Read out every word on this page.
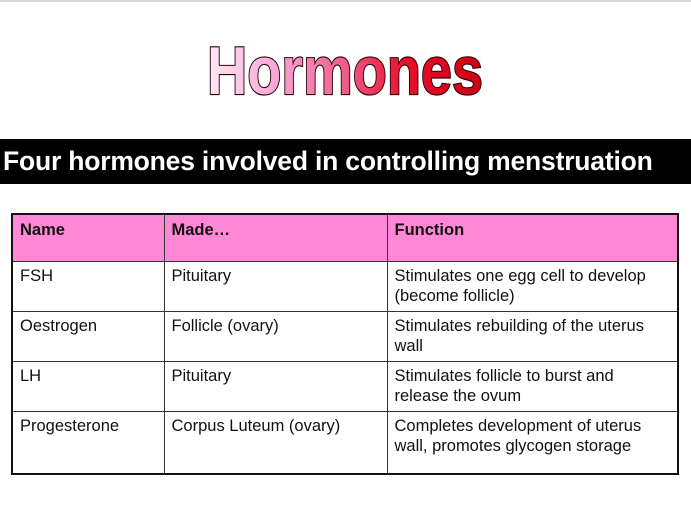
Hormones
Four hormones involved in controlling menstruation
Name	Made…	Function
FSH	Pituitary	Stimulates one egg cell to develop (become follicle)
Oestrogen	Follicle (ovary)	Stimulates rebuilding of the uterus wall
LH	Pituitary	Stimulates follicle to burst and release the ovum
Progesterone	Corpus Luteum (ovary)	Completes development of uterus wall, promotes glycogen storage
